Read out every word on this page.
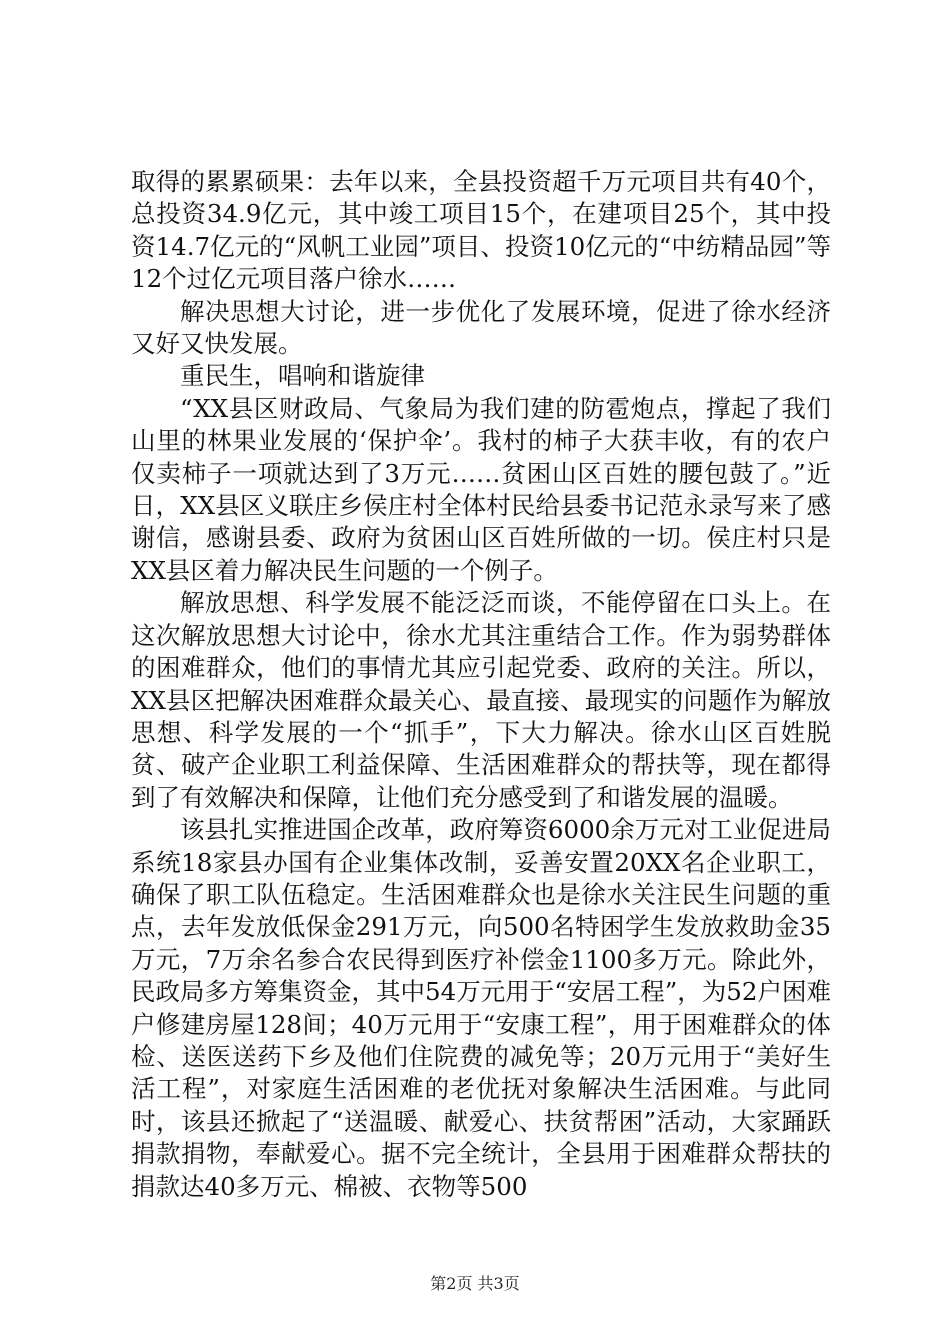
取得的累累硕果：去年以来，全县投资超千万元项目共有40个，总投资34.9亿元，其中竣工项目15个，在建项目25个，其中投资14.7亿元的“风帆工业园”项目、投资10亿元的“中纺精品园”等12个过亿元项目落户徐水……

解决思想大讨论，进一步优化了发展环境，促进了徐水经济又好又快发展。

重民生，唱响和谐旋律

“XX县区财政局、气象局为我们建的防雹炮点，撑起了我们山里的林果业发展的‘保护伞’。我村的柿子大获丰收，有的农户仅卖柿子一项就达到了3万元……贫困山区百姓的腰包鼓了。”近日，XX县区义联庄乡侯庄村全体村民给县委书记范永录写来了感谢信，感谢县委、政府为贫困山区百姓所做的一切。侯庄村只是XX县区着力解决民生问题的一个例子。

解放思想、科学发展不能泛泛而谈，不能停留在口头上。在这次解放思想大讨论中，徐水尤其注重结合工作。作为弱势群体的困难群众，他们的事情尤其应引起党委、政府的关注。所以，XX县区把解决困难群众最关心、最直接、最现实的问题作为解放思想、科学发展的一个“抓手”，下大力解决。徐水山区百姓脱贫、破产企业职工利益保障、生活困难群众的帮扶等，现在都得到了有效解决和保障，让他们充分感受到了和谐发展的温暖。

该县扎实推进国企改革，政府筹资6000余万元对工业促进局系统18家县办国有企业集体改制，妥善安置20XX名企业职工，确保了职工队伍稳定。生活困难群众也是徐水关注民生问题的重点，去年发放低保金291万元，向500名特困学生发放救助金35万元，7万余名参合农民得到医疗补偿金1100多万元。除此外，民政局多方筹集资金，其中54万元用于“安居工程”，为52户困难户修建房屋128间；40万元用于“安康工程”，用于困难群众的体检、送医送药下乡及他们住院费的减免等；20万元用于“美好生活工程”，对家庭生活困难的老优抚对象解决生活困难。与此同时，该县还掀起了“送温暖、献爱心、扶贫帮困”活动，大家踊跃捐款捐物，奉献爱心。据不完全统计，全县用于困难群众帮扶的捐款达40多万元、棉被、衣物等500

第2页 共3页
